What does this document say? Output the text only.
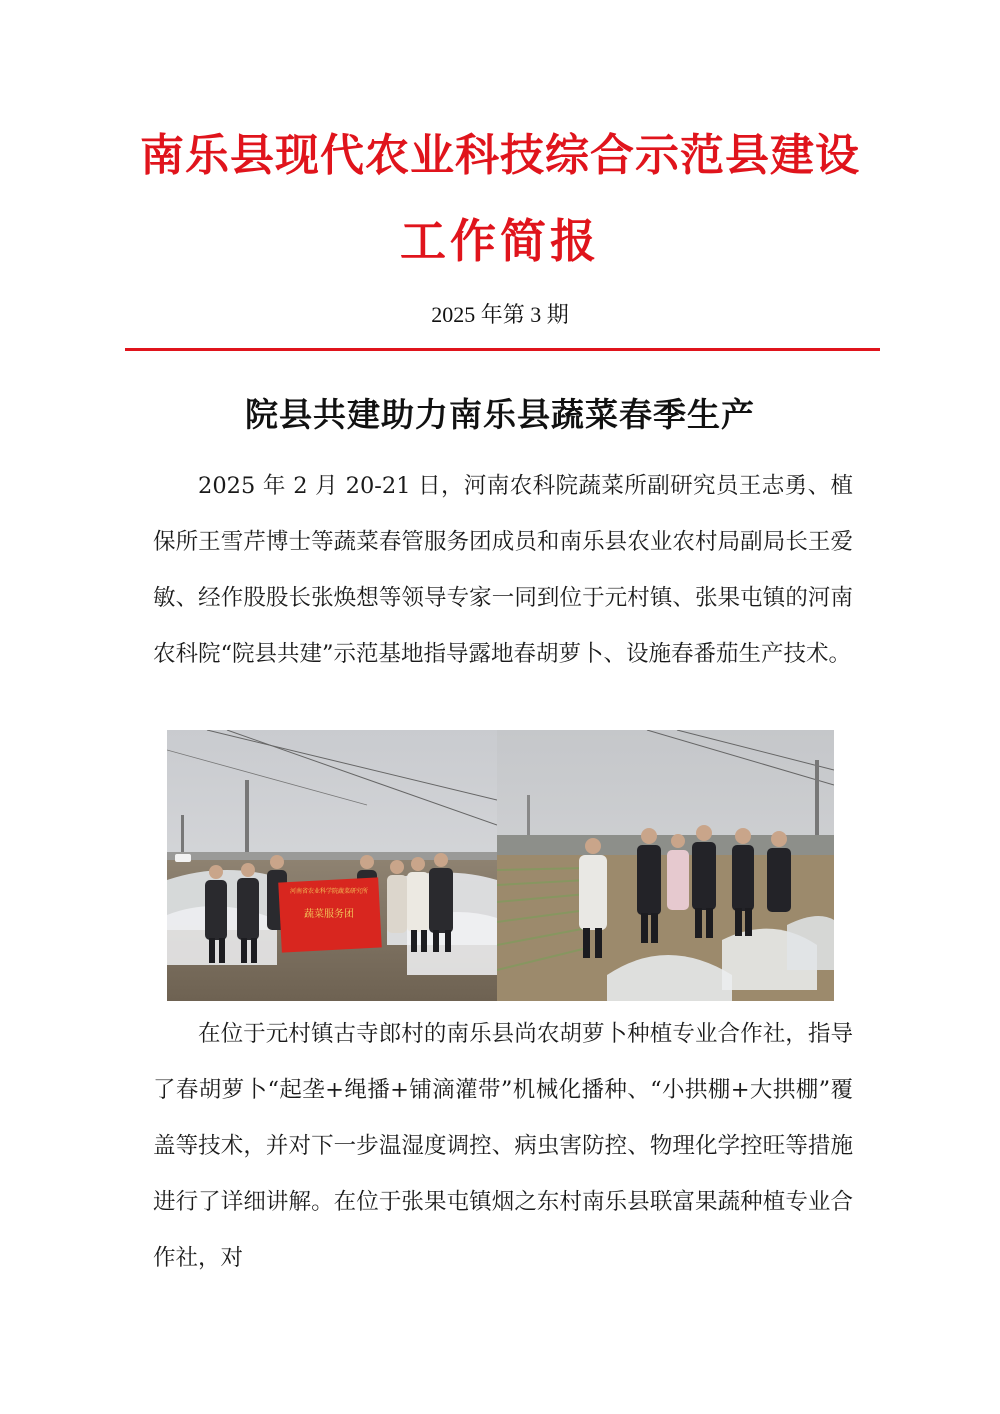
南乐县现代农业科技综合示范县建设
工作简报
2025 年第 3 期
院县共建助力南乐县蔬菜春季生产

2025 年 2 月 20-21 日，河南农科院蔬菜所副研究员王志勇、植保所王雪芹博士等蔬菜春管服务团成员和南乐县农业农村局副局长王爱敏、经作股股长张焕想等领导专家一同到位于元村镇、张果屯镇的河南农科院“院县共建”示范基地指导露地春胡萝卜、设施春番茄生产技术。

河南省农业科学院蔬菜研究所
蔬菜服务团

在位于元村镇古寺郎村的南乐县尚农胡萝卜种植专业合作社，指导了春胡萝卜“起垄+绳播+铺滴灌带”机械化播种、“小拱棚+大拱棚”覆盖等技术，并对下一步温湿度调控、病虫害防控、物理化学控旺等措施进行了详细讲解。在位于张果屯镇烟之东村南乐县联富果蔬种植专业合作社，对
